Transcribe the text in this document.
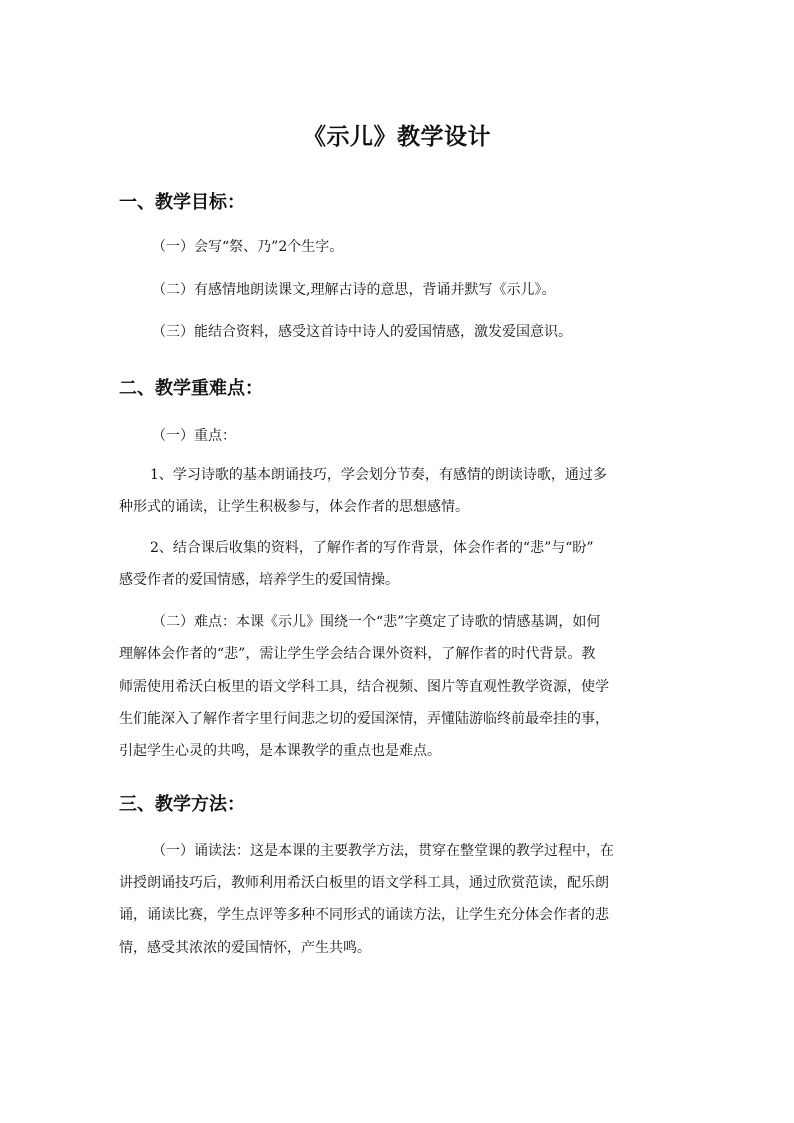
《示儿》教学设计
一、教学目标：
（一）会写“祭、乃”2个生字。
（二）有感情地朗读课文,理解古诗的意思，背诵并默写《示儿》。
（三）能结合资料，感受这首诗中诗人的爱国情感，激发爱国意识。
二、教学重难点：
（一）重点：
1、学习诗歌的基本朗诵技巧，学会划分节奏，有感情的朗读诗歌，通过多
种形式的诵读，让学生积极参与，体会作者的思想感情。
2、结合课后收集的资料，了解作者的写作背景，体会作者的“悲”与“盼”
感受作者的爱国情感，培养学生的爱国情操。
（二）难点：本课《示儿》围绕一个“悲”字奠定了诗歌的情感基调，如何
理解体会作者的“悲”，需让学生学会结合课外资料，了解作者的时代背景。教
师需使用希沃白板里的语文学科工具，结合视频、图片等直观性教学资源，使学
生们能深入了解作者字里行间悲之切的爱国深情，弄懂陆游临终前最牵挂的事，
引起学生心灵的共鸣，是本课教学的重点也是难点。
三、教学方法：
（一）诵读法：这是本课的主要教学方法，贯穿在整堂课的教学过程中，在
讲授朗诵技巧后，教师利用希沃白板里的语文学科工具，通过欣赏范读，配乐朗
诵，诵读比赛，学生点评等多种不同形式的诵读方法，让学生充分体会作者的悲
情，感受其浓浓的爱国情怀，产生共鸣。
